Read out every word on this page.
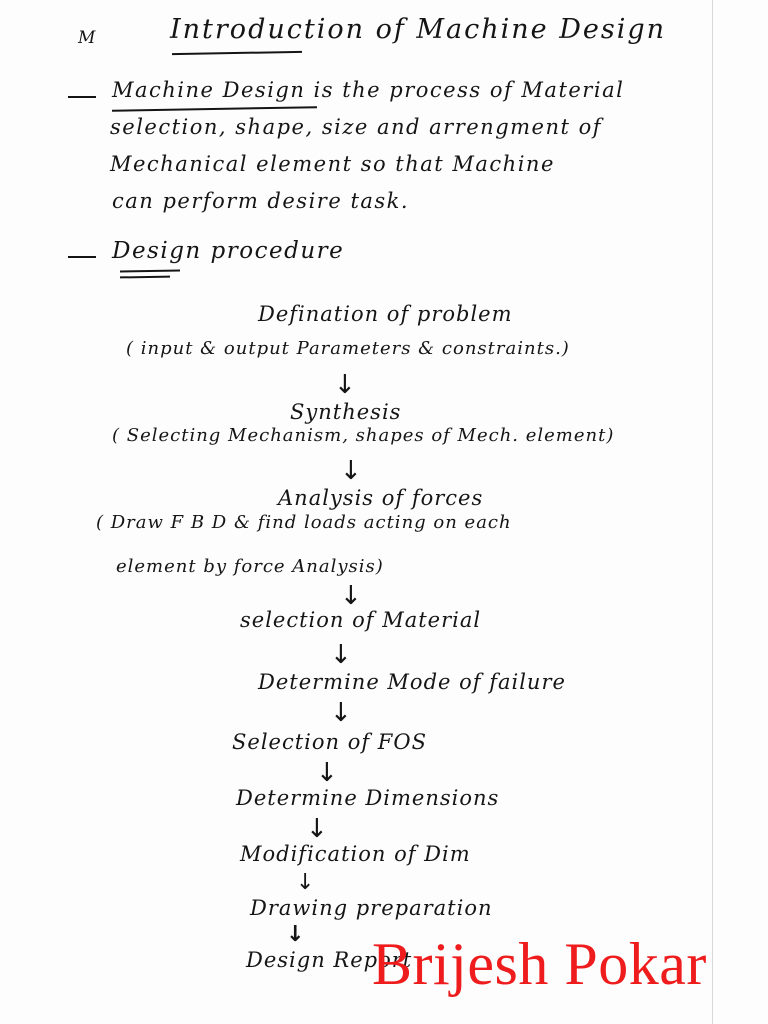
M	Introduction of Machine Design
Machine Design is the process of Material
selection, shape, size and arrengment of
Mechanical element so that Machine
can perform desire task.
Design procedure
Defination of problem
( input & output Parameters & constraints.)
↓
Synthesis
( Selecting Mechanism, shapes of Mech. element)
↓
Analysis of forces
( Draw F B D & find loads acting on each
element by force Analysis)
↓
selection of Material
↓
Determine Mode of failure
↓
Selection of FOS
↓
Determine Dimensions
↓
Modification of Dim
↓
Drawing preparation
↓
Design Report
Brijesh Pokar
